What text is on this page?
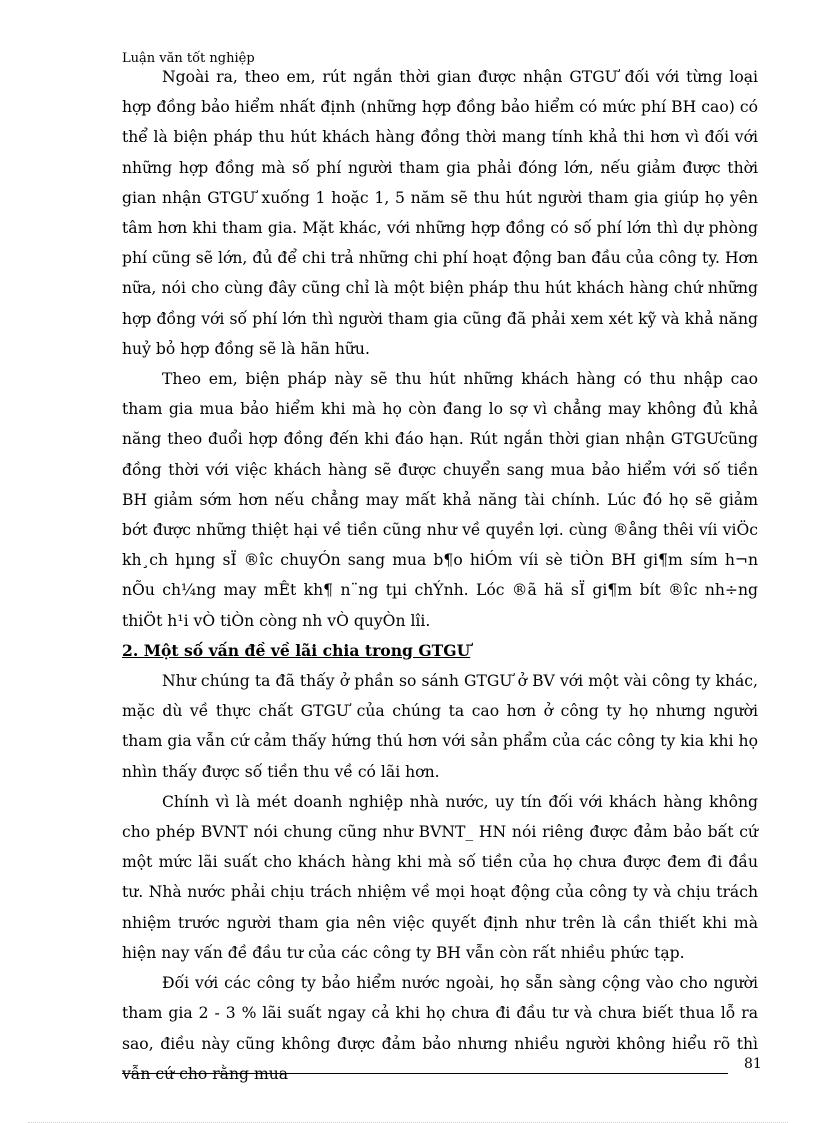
Luận văn tốt nghiệp

Ngoài ra, theo em, rút ngắn thời gian được nhận GTGƯ đối với từng loại hợp đồng bảo hiểm nhất định (những hợp đồng bảo hiểm có mức phí BH cao) có thể là biện pháp thu hút khách hàng đồng thời mang tính khả thi hơn vì đối với những hợp đồng mà số phí người tham gia phải đóng lớn, nếu giảm được thời gian nhận GTGƯ xuống 1 hoặc 1, 5 năm sẽ thu hút người tham gia giúp họ yên tâm hơn khi tham gia. Mặt khác, với những hợp đồng có số phí lớn thì dự phòng phí cũng sẽ lớn, đủ để chi trả những chi phí hoạt động ban đầu của công ty. Hơn nữa, nói cho cùng đây cũng chỉ là một biện pháp thu hút khách hàng chứ những hợp đồng với số phí lớn thì người tham gia cũng đã phải xem xét kỹ và khả năng huỷ bỏ hợp đồng sẽ là hãn hữu.

Theo em, biện pháp này sẽ thu hút những khách hàng có thu nhập cao tham gia mua bảo hiểm khi mà họ còn đang lo sợ vì chẳng may không đủ khả năng theo đuổi hợp đồng đến khi đáo hạn. Rút ngắn thời gian nhận GTGƯcũng đồng thời với việc khách hàng sẽ được chuyển sang mua bảo hiểm với số tiền BH giảm sớm hơn nếu chẳng may mất khả năng tài chính. Lúc đó họ sẽ giảm bớt được những thiệt hại về tiền cũng như về quyền lợi. cùng ®ång thêi víi viÖc kh¸ch hµng sÏ ®îc chuyÓn sang mua b¶o hiÓm víi sè tiÒn BH gi¶m sím h¬n nÕu ch¼ng may mÊt kh¶ n¨ng tµi chÝnh. Lóc ®ã hä sÏ gi¶m bít ®îc nh÷ng thiÖt h¹i vÒ tiÒn còng nh vÒ quyÒn lîi.

2. Một số vấn đề về lãi chia trong GTGƯ

Như chúng ta đã thấy ở phần so sánh GTGƯ ở BV với một vài công ty khác, mặc dù về thực chất GTGƯ của chúng ta cao hơn ở công ty họ nhưng người tham gia vẫn cứ cảm thấy hứng thú hơn với sản phẩm của các công ty kia khi họ nhìn thấy được số tiền thu về có lãi hơn.

Chính vì là mét doanh nghiệp nhà nước, uy tín đối với khách hàng không cho phép BVNT nói chung cũng như BVNT_ HN nói riêng được đảm bảo bất cứ một mức lãi suất cho khách hàng khi mà số tiền của họ chưa được đem đi đầu tư. Nhà nước phải chịu trách nhiệm về mọi hoạt động của công ty và chịu trách nhiệm trước người tham gia nên việc quyết định như trên là cần thiết khi mà hiện nay vấn đề đầu tư của các công ty BH vẫn còn rất nhiều phức tạp.

Đối với các công ty bảo hiểm nước ngoài, họ sẵn sàng cộng vào cho người tham gia 2 - 3 % lãi suất ngay cả khi họ chưa đi đầu tư và chưa biết thua lỗ ra sao, điều này cũng không được đảm bảo nhưng nhiều người không hiểu rõ thì vẫn cứ cho rằng mua

81
